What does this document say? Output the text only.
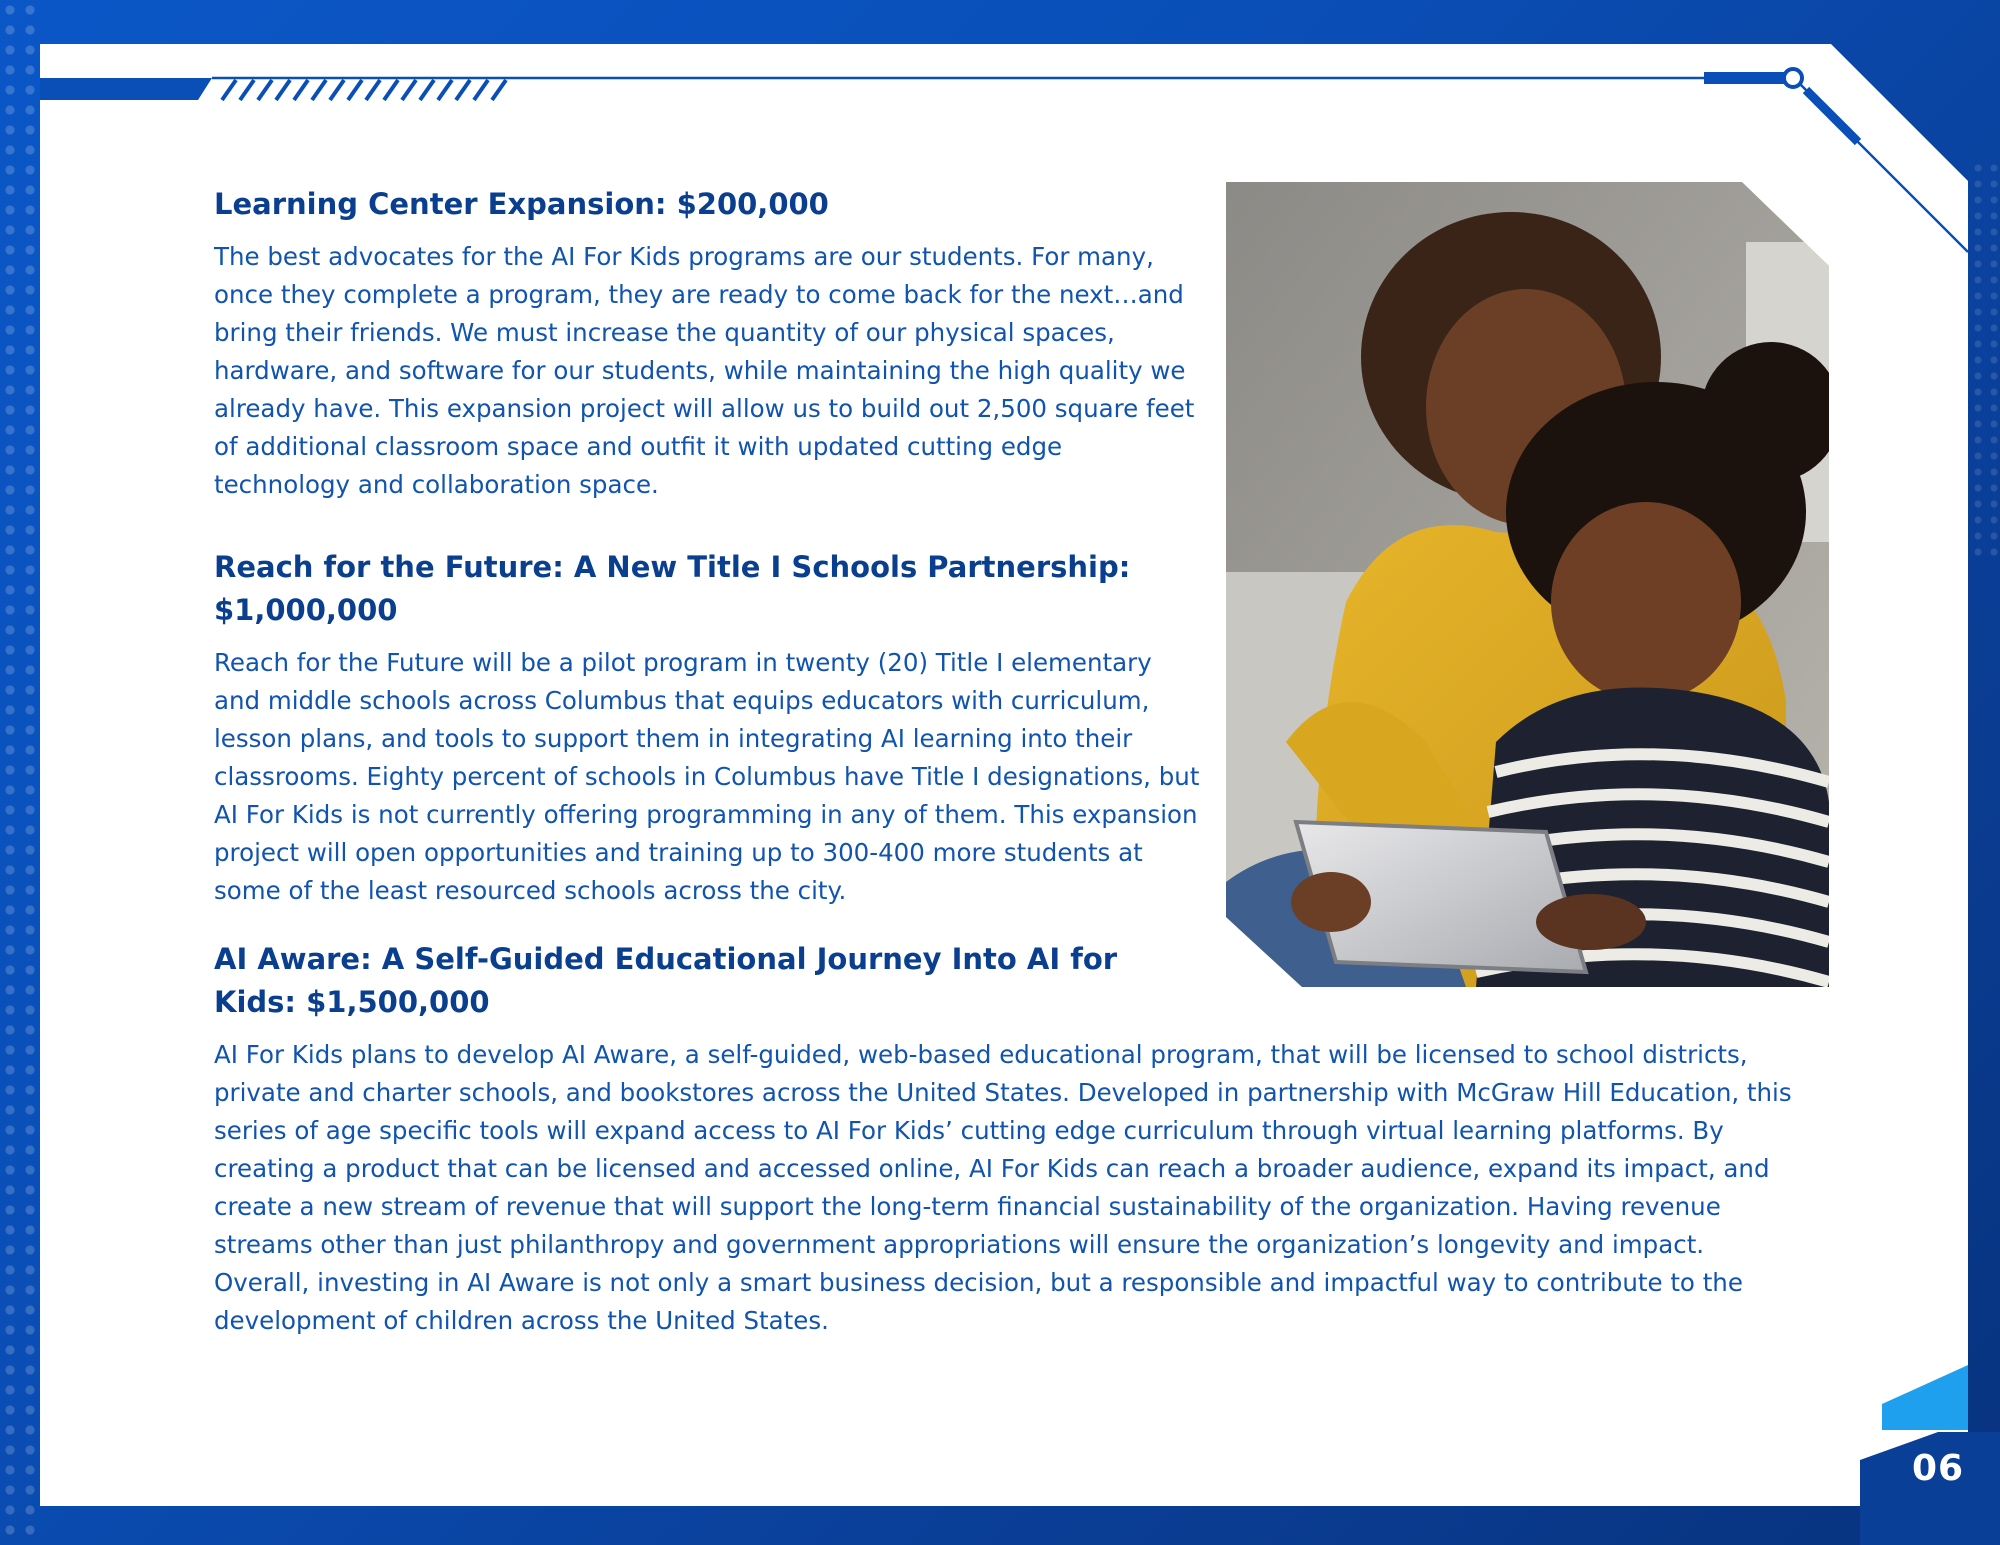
Learning Center Expansion: $200,000

The best advocates for the AI For Kids programs are our students. For many, once they complete a program, they are ready to come back for the next…and bring their friends. We must increase the quantity of our physical spaces, hardware, and software for our students, while maintaining the high quality we already have. This expansion project will allow us to build out 2,500 square feet of additional classroom space and outfit it with updated cutting edge technology and collaboration space.

Reach for the Future: A New Title I Schools Partnership: $1,000,000

Reach for the Future will be a pilot program in twenty (20) Title I elementary and middle schools across Columbus that equips educators with curriculum, lesson plans, and tools to support them in integrating AI learning into their classrooms. Eighty percent of schools in Columbus have Title I designations, but AI For Kids is not currently offering programming in any of them. This expansion project will open opportunities and training up to 300-400 more students at some of the least resourced schools across the city.

AI Aware: A Self-Guided Educational Journey Into AI for Kids: $1,500,000

AI For Kids plans to develop AI Aware, a self-guided, web-based educational program, that will be licensed to school districts, private and charter schools, and bookstores across the United States. Developed in partnership with McGraw Hill Education, this series of age specific tools will expand access to AI For Kids’ cutting edge curriculum through virtual learning platforms. By creating a product that can be licensed and accessed online, AI For Kids can reach a broader audience, expand its impact, and create a new stream of revenue that will support the long-term financial sustainability of the organization. Having revenue streams other than just philanthropy and government appropriations will ensure the organization’s longevity and impact. Overall, investing in AI Aware is not only a smart business decision, but a responsible and impactful way to contribute to the development of children across the United States.

06
